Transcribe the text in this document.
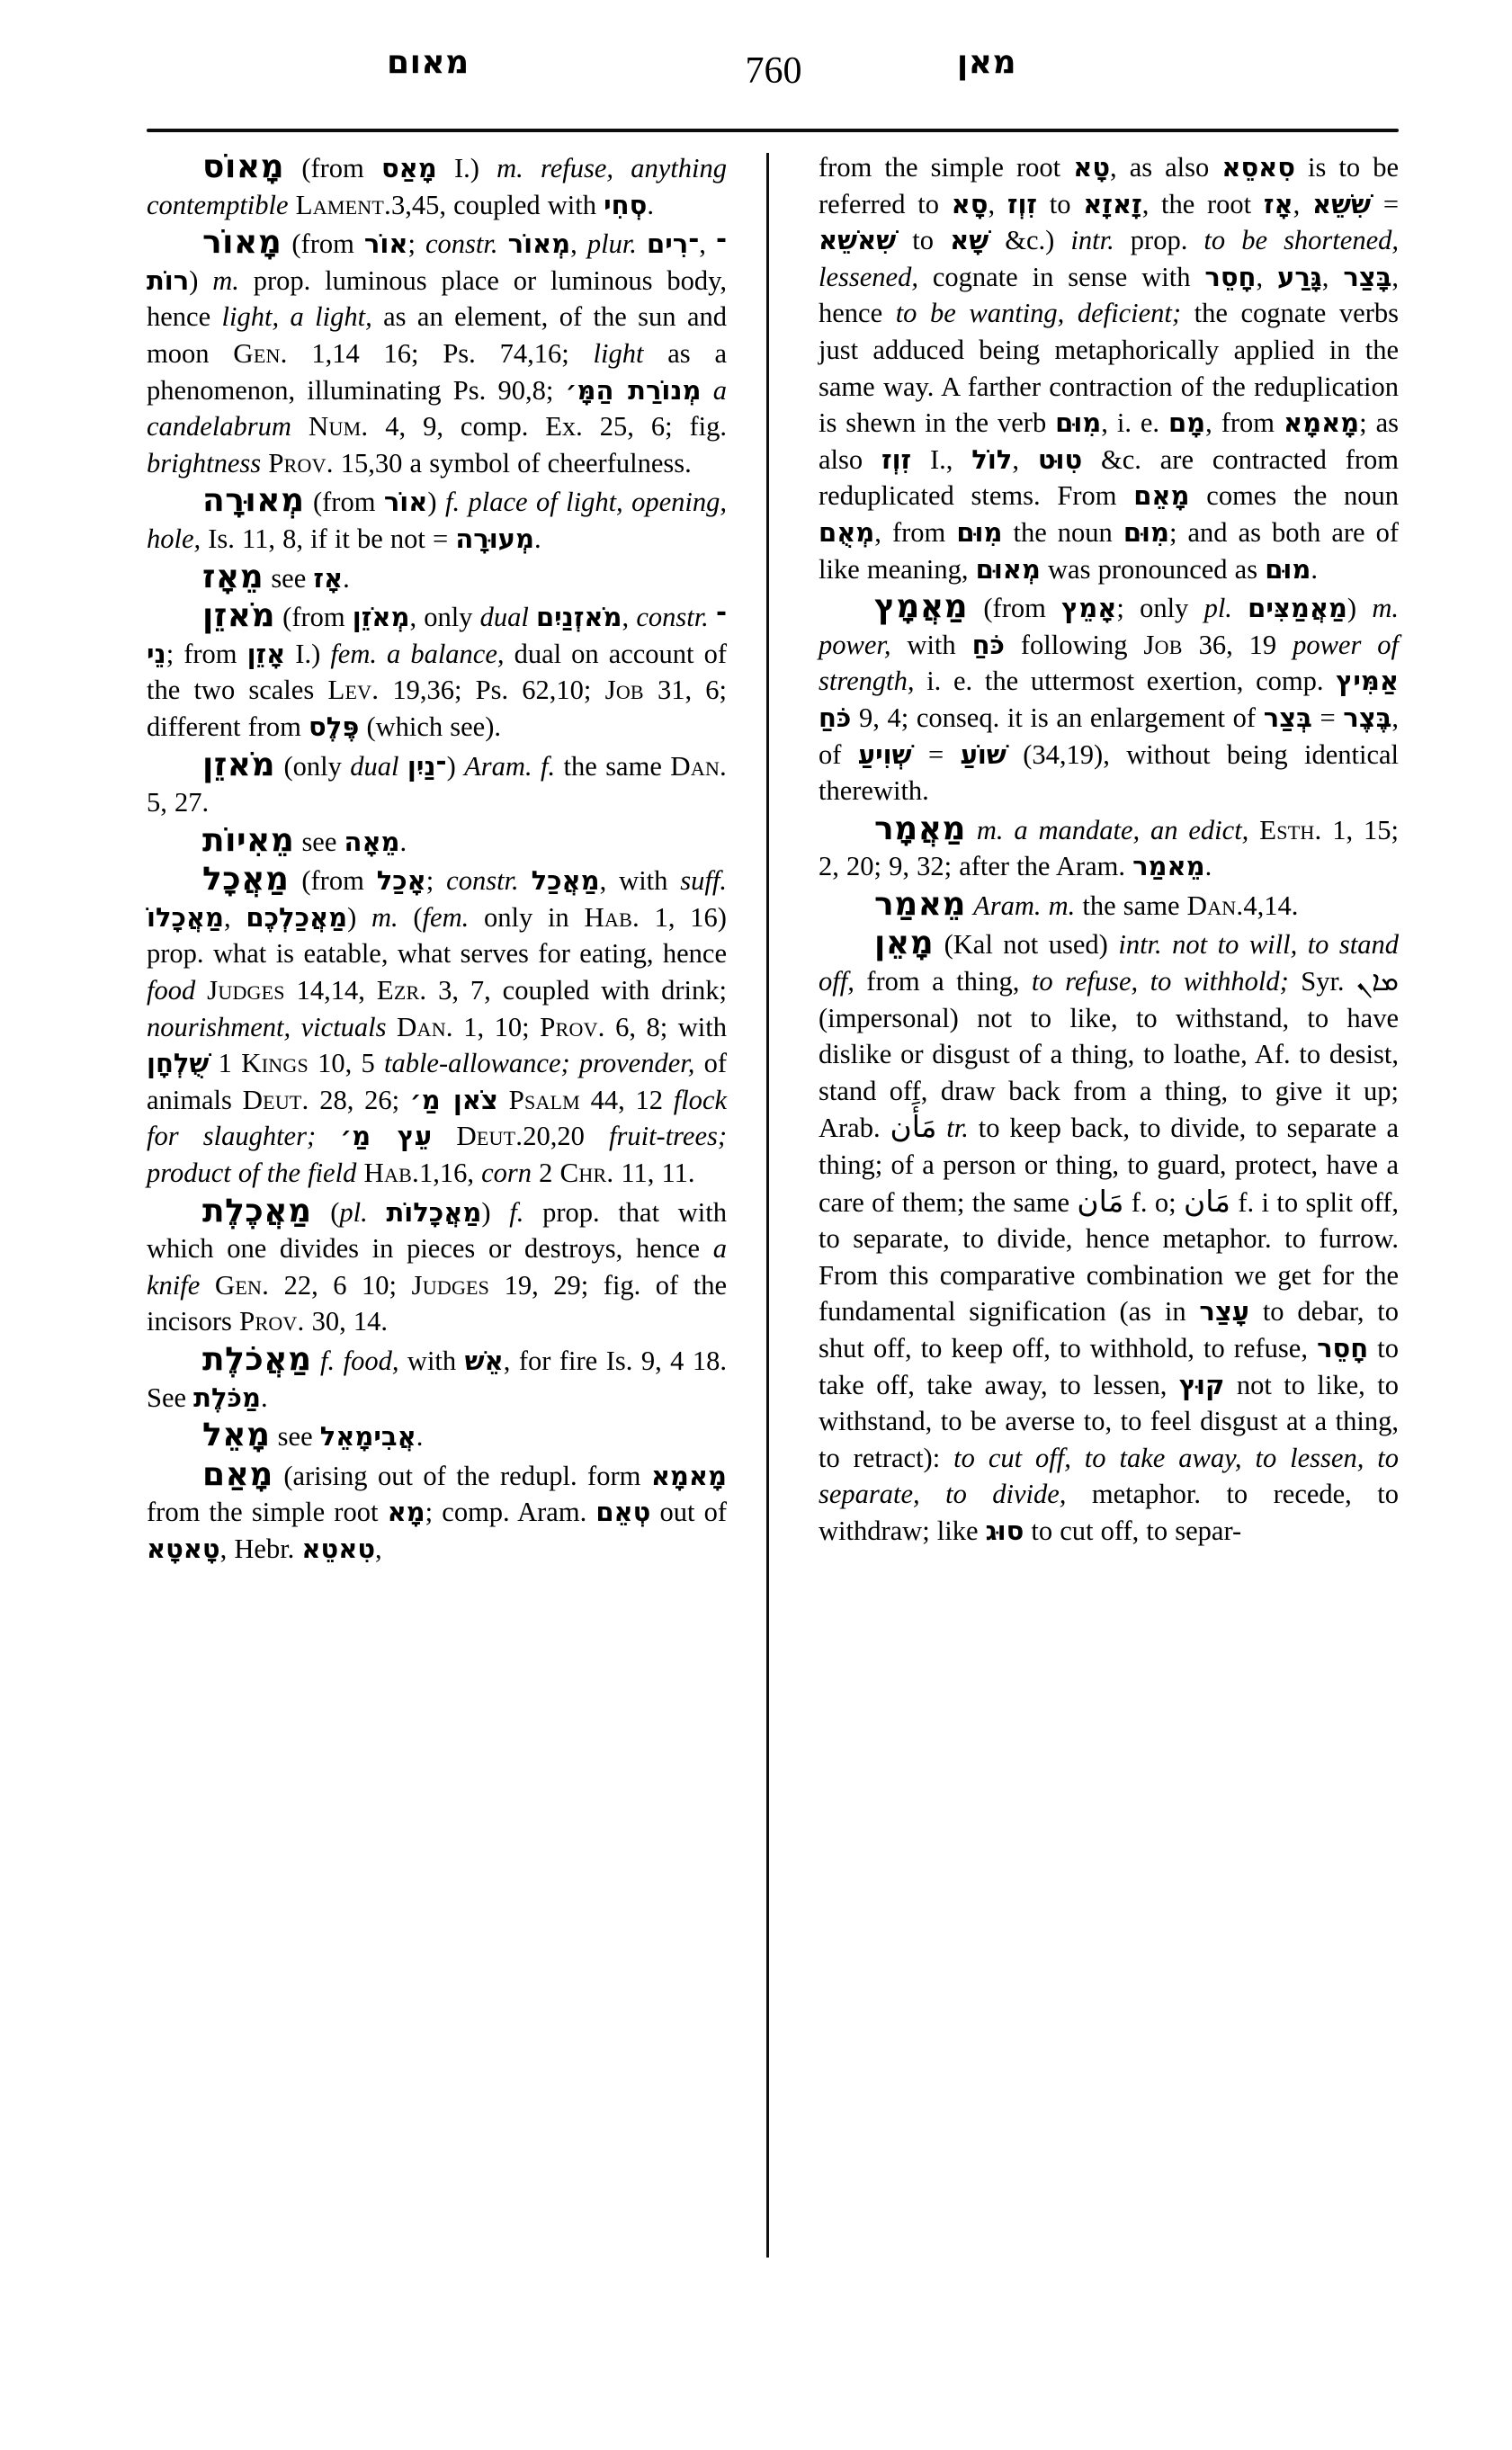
מאום	760	מאן

מָאוֹס (from מָאַס I.) m. refuse, anything contemptible Lament.3,45, coupled with סְחִי.

מָאוֹר (from אוֹר; constr. מְאוֹר, plur. ־רִים, ־רוֹת) m. prop. luminous place or luminous body, hence light, a light, as an element, of the sun and moon Gen. 1,14 16; Ps. 74,16; light as a phenomenon, illuminating Ps. 90,8; מְנוֹרַת הַמָּ׳ a candelabrum Num. 4, 9, comp. Ex. 25, 6; fig. brightness Prov. 15,30 a symbol of cheerfulness.

מְאוּרָה (from אוֹר) f. place of light, opening, hole, Is. 11, 8, if it be not = מְעוּרָה.

מֵאָז see אָז.

מֹאזֵן (from מְאֹזֵן, only dual מֹאזְנַיִם, constr. ־נֵי; from אָזֵן I.) fem. a balance, dual on account of the two scales Lev. 19,36; Ps. 62,10; Job 31, 6; different from פֶּלֶס (which see).

מֹאזֵן (only dual ־נַיִן) Aram. f. the same Dan. 5, 27.

מֵאִיוֹת see מֵאָה.

מַאֲכָל (from אָכַל; constr. מַאֲכַל, with suff. מַאֲכָלוֹ, מַאֲכַלְכֶם) m. (fem. only in Hab. 1, 16) prop. what is eatable, what serves for eating, hence food Judges 14,14, Ezr. 3, 7, coupled with drink; nourishment, victuals Dan. 1, 10; Prov. 6, 8; with שֻׁלְחָן 1 Kings 10, 5 table-allowance; provender, of animals Deut. 28, 26; צֹאן מַ׳ Psalm 44, 12 flock for slaughter; עֵץ מַ׳ Deut.20,20 fruit-trees; product of the field Hab.1,16, corn 2 Chr. 11, 11.

מַאֲכֶלֶת (pl. מַאֲכָלוֹת) f. prop. that with which one divides in pieces or destroys, hence a knife Gen. 22, 6 10; Judges 19, 29; fig. of the incisors Prov. 30, 14.

מַאֲכֹלֶת f. food, with אֵשׁ, for fire Is. 9, 4 18. See מַכֹּלֶת.

מָאֵל see אֲבִימָאֵל.

מָאַם (arising out of the redupl. form מָאמָא from the simple root מָא; comp. Aram. טְאֵם out of טָאטָא, Hebr. טִאטֵא,

from the simple root טָא, as also סִאסֵא is to be referred to סָא, זִוְז to זָאזָא, the root אָז, שִׁשֵׁא = שִׁאשֵׁא to שָׁא &c.) intr. prop. to be shortened, lessened, cognate in sense with חָסֵר, גָּרַע, בָּצַר, hence to be wanting, deficient; the cognate verbs just adduced being metaphorically applied in the same way. A farther contraction of the reduplication is shewn in the verb מִוּם, i. e. מָם, from מָאמָא; as also זִוְז I., לוֹל, טִוּט &c. are contracted from reduplicated stems. From מָאֵם comes the noun מְאֻם, from מִוּם the noun מִוּם; and as both are of like meaning, מְאוּם was pronounced as מוּם.

מַאֲמָץ (from אָמֵץ; only pl. מַאֲמַצִּים) m. power, with כֹּחַ following Job 36, 19 power of strength, i. e. the uttermost exertion, comp. אַמִּיץ כֹּחַ 9, 4; conseq. it is an enlargement of בְּצַר = בֶּצֶר, of שְׁוִיעַ = שׁוֹעַ (34,19), without being identical therewith.

מַאֲמָר m. a mandate, an edict, Esth. 1, 15; 2, 20; 9, 32; after the Aram. מֵאמַר.

מֵאמַר Aram. m. the same Dan.4,14.

מָאֵן (Kal not used) intr. not to will, to stand off, from a thing, to refuse, to withhold; Syr. ܡܐܢ (impersonal) not to like, to withstand, to have dislike or disgust of a thing, to loathe, Af. to desist, stand off, draw back from a thing, to give it up; Arab. مَأَن tr. to keep back, to divide, to separate a thing; of a person or thing, to guard, protect, have a care of them; the same مَان f. o; مَان f. i to split off, to separate, to divide, hence metaphor. to furrow. From this comparative combination we get for the fundamental signification (as in עָצַר to debar, to shut off, to keep off, to withhold, to refuse, חָסֵר to take off, take away, to lessen, קוּץ not to like, to withstand, to be averse to, to feel disgust at a thing, to retract): to cut off, to take away, to lessen, to separate, to divide, metaphor. to recede, to withdraw; like סוּג to cut off, to separ-
